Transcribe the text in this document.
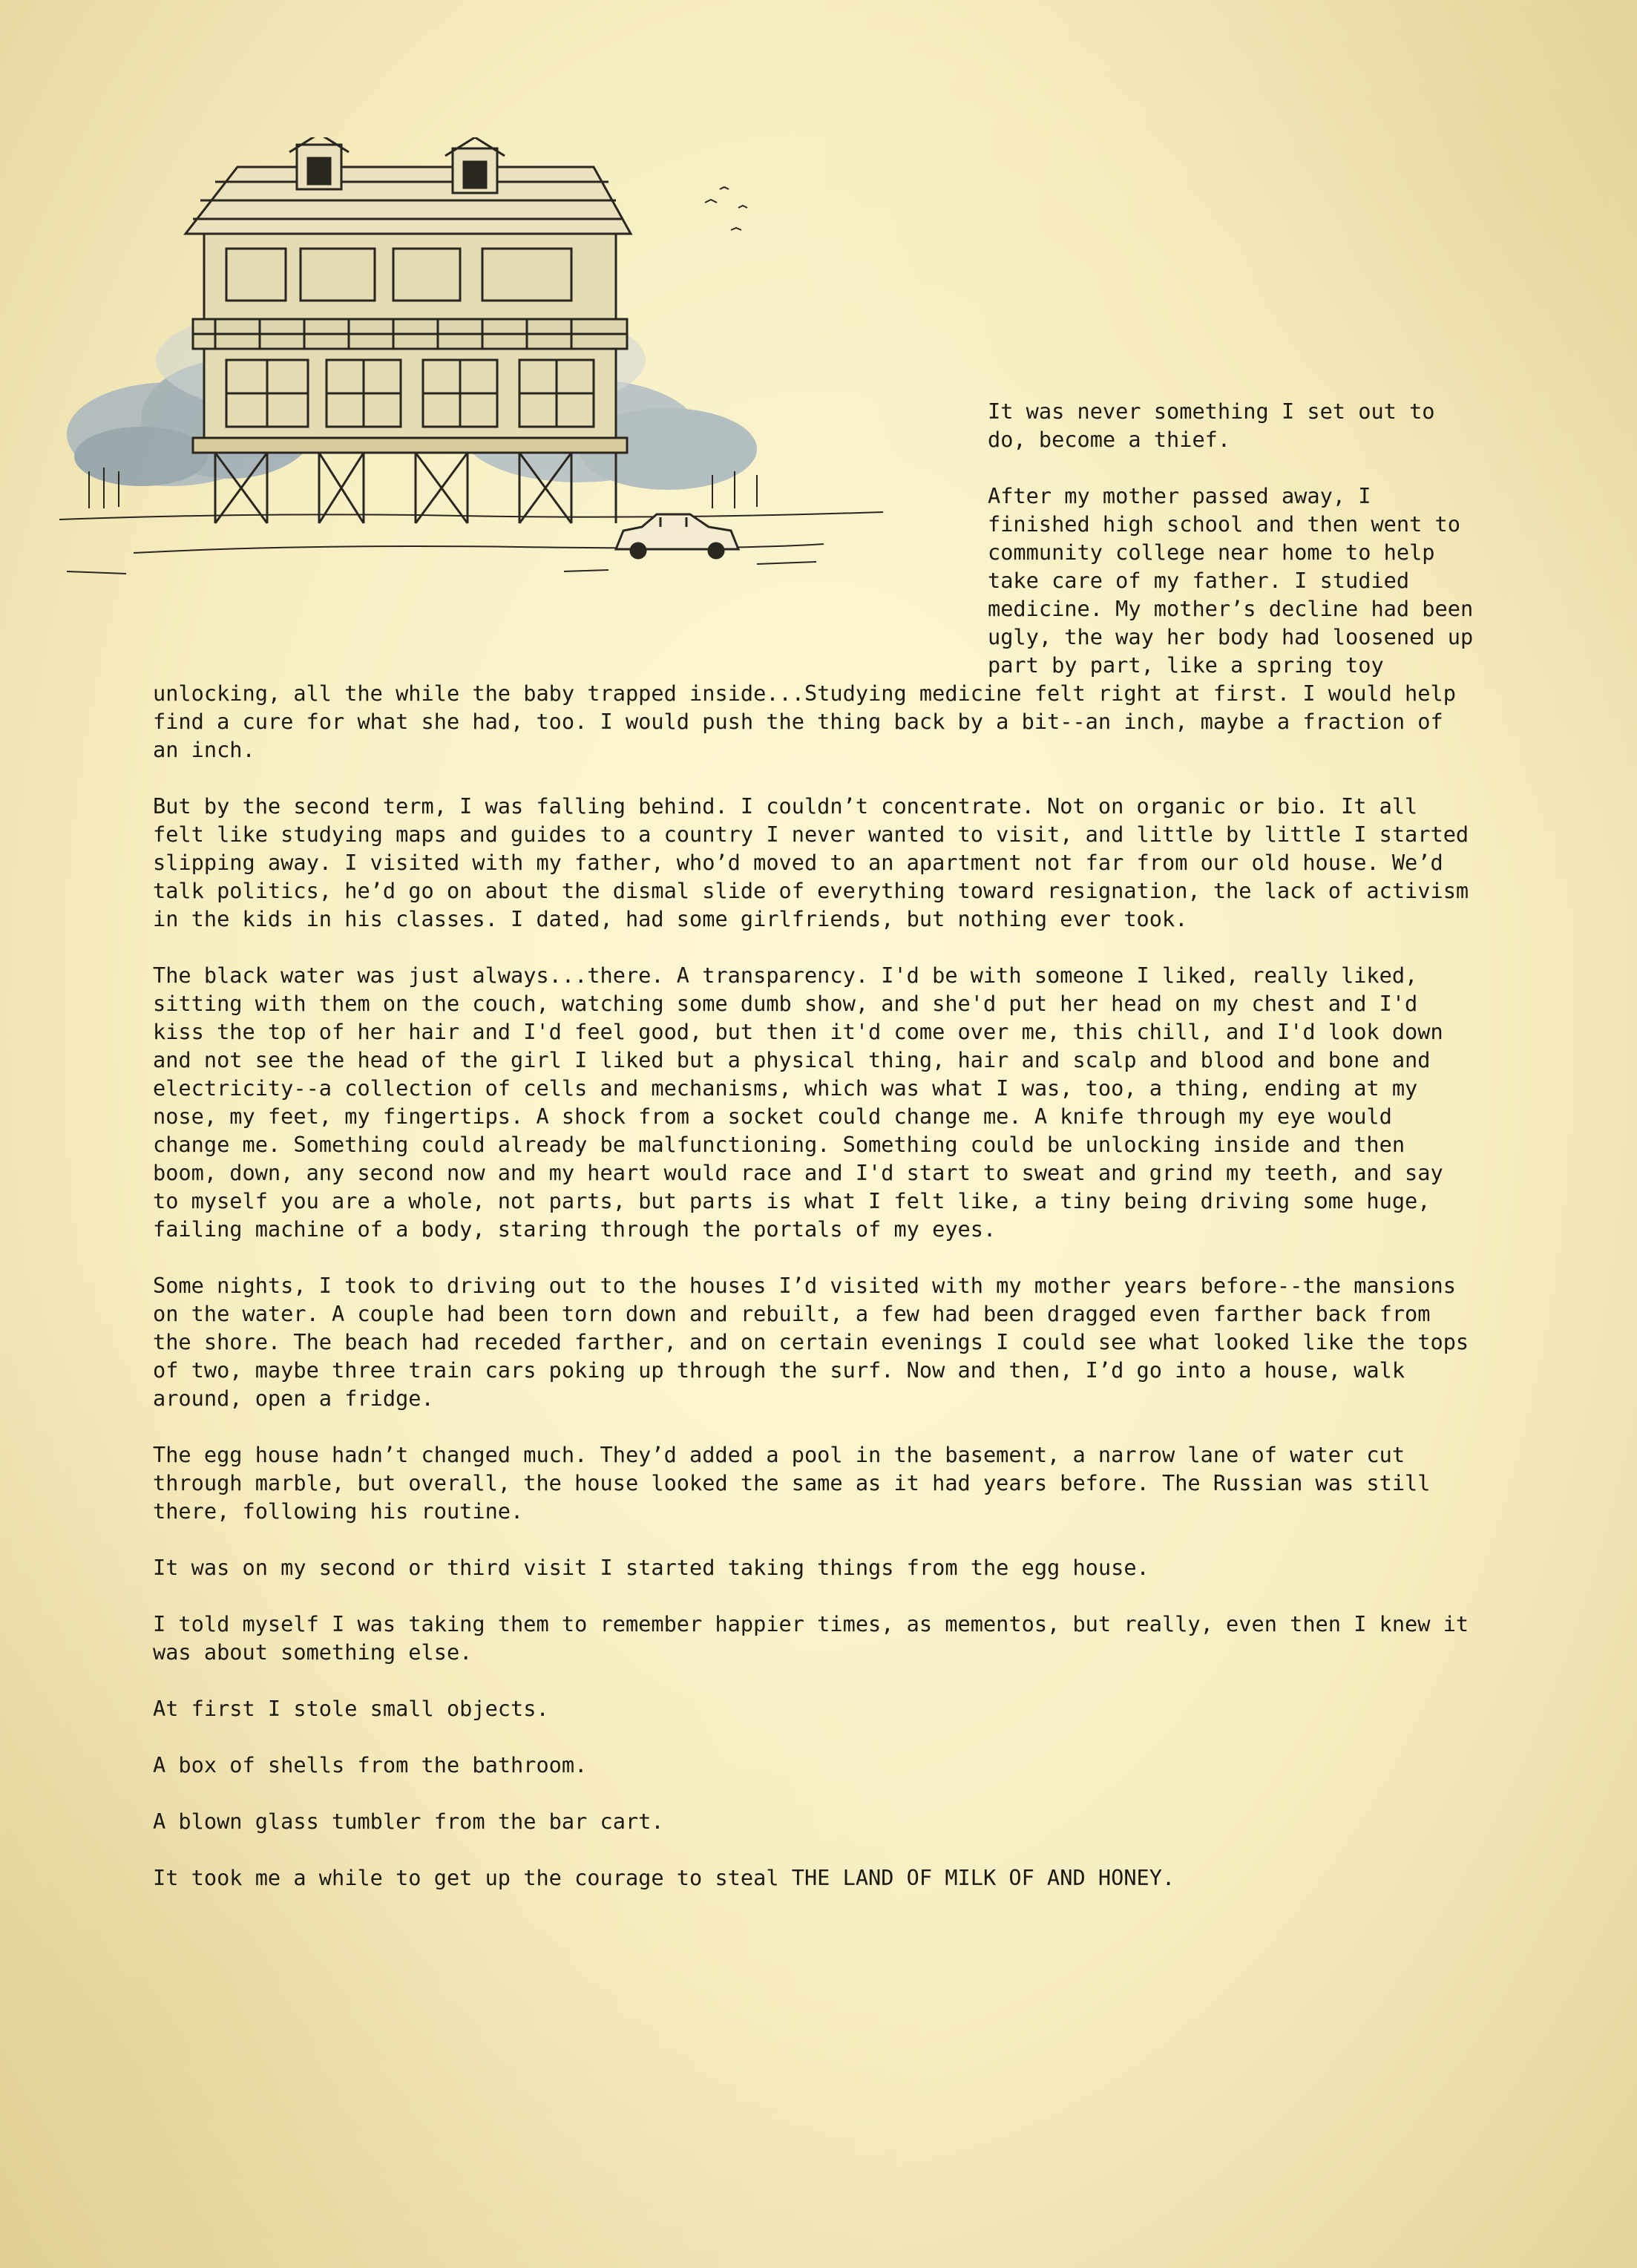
It was never something I set out to do, become a thief.

After my mother passed away, I finished high school and then went to community college near home to help take care of my father. I studied medicine. My mother’s decline had been ugly, the way her body had loosened up part by part, like a spring toy unlocking, all the while the baby trapped inside...Studying medicine felt right at first. I would help find a cure for what she had, too. I would push the thing back by a bit--an inch, maybe a fraction of an inch.

But by the second term, I was falling behind. I couldn’t concentrate. Not on organic or bio. It all felt like studying maps and guides to a country I never wanted to visit, and little by little I started slipping away. I visited with my father, who’d moved to an apartment not far from our old house. We’d talk politics, he’d go on about the dismal slide of everything toward resignation, the lack of activism in the kids in his classes. I dated, had some girlfriends, but nothing ever took.

The black water was just always...there. A transparency. I'd be with someone I liked, really liked, sitting with them on the couch, watching some dumb show, and she'd put her head on my chest and I'd kiss the top of her hair and I'd feel good, but then it'd come over me, this chill, and I'd look down and not see the head of the girl I liked but a physical thing, hair and scalp and blood and bone and electricity--a collection of cells and mechanisms, which was what I was, too, a thing, ending at my nose, my feet, my fingertips. A shock from a socket could change me. A knife through my eye would change me. Something could already be malfunctioning. Something could be unlocking inside and then boom, down, any second now and my heart would race and I'd start to sweat and grind my teeth, and say to myself you are a whole, not parts, but parts is what I felt like, a tiny being driving some huge, failing machine of a body, staring through the portals of my eyes.

Some nights, I took to driving out to the houses I’d visited with my mother years before--the mansions on the water. A couple had been torn down and rebuilt, a few had been dragged even farther back from the shore. The beach had receded farther, and on certain evenings I could see what looked like the tops of two, maybe three train cars poking up through the surf. Now and then, I’d go into a house, walk around, open a fridge.

The egg house hadn’t changed much. They’d added a pool in the basement, a narrow lane of water cut through marble, but overall, the house looked the same as it had years before. The Russian was still there, following his routine.

It was on my second or third visit I started taking things from the egg house.

I told myself I was taking them to remember happier times, as mementos, but really, even then I knew it was about something else.

At first I stole small objects.

A box of shells from the bathroom.

A blown glass tumbler from the bar cart.

It took me a while to get up the courage to steal THE LAND OF MILK OF AND HONEY.
